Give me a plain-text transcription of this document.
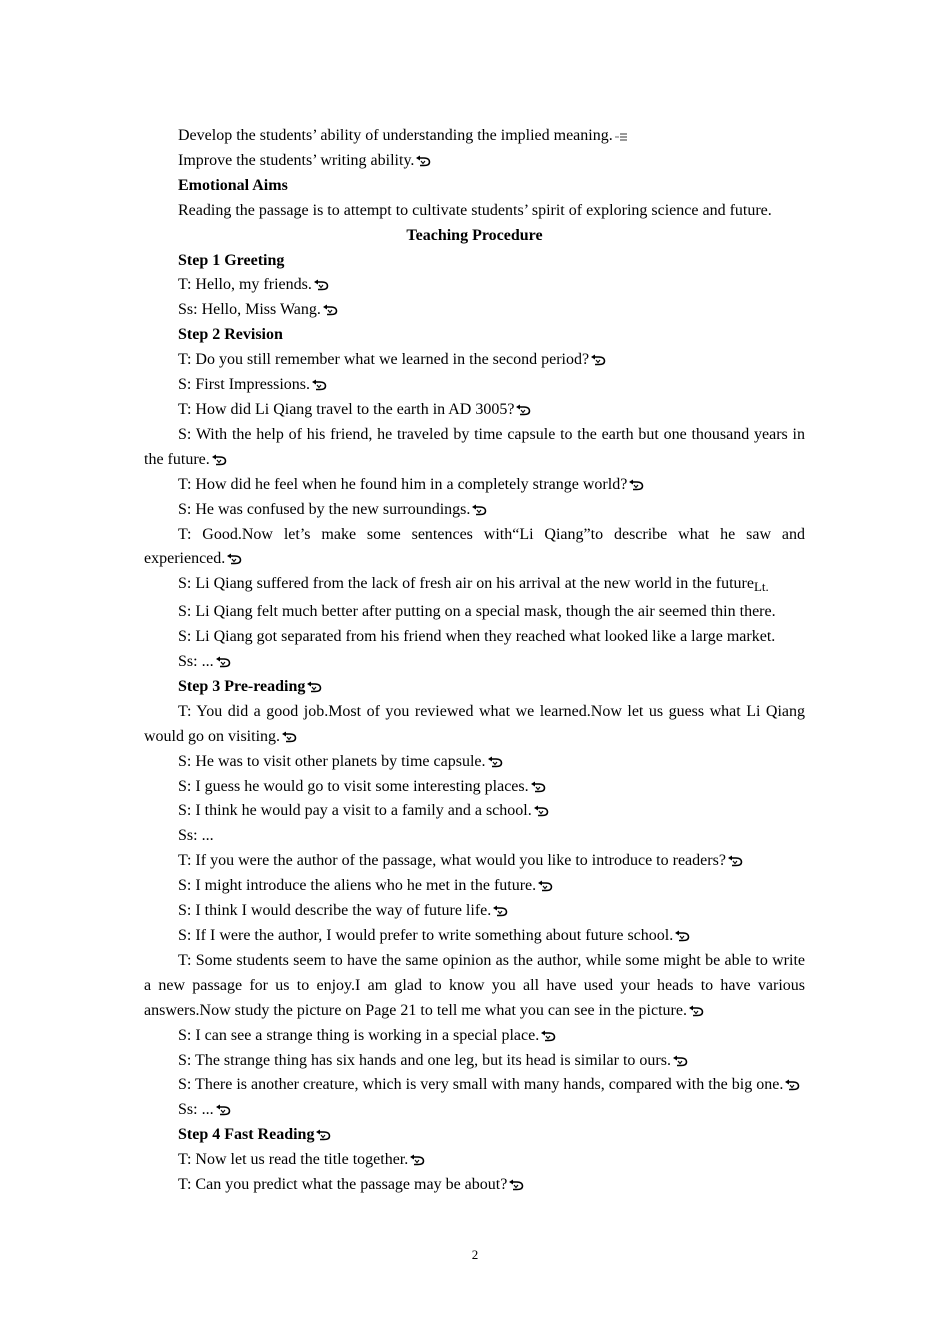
Develop the students’ ability of understanding the implied meaning.

Improve the students’ writing ability.

Emotional Aims

Reading the passage is to attempt to cultivate students’ spirit of exploring science and future.

Teaching Procedure

Step 1 Greeting

T: Hello, my friends.

Ss: Hello, Miss Wang.

Step 2 Revision

T: Do you still remember what we learned in the second period?

S: First Impressions.

T: How did Li Qiang travel to the earth in AD 3005?

S: With the help of his friend, he traveled by time capsule to the earth but one thousand years in the future.

T: How did he feel when he found him in a completely strange world?

S: He was confused by the new surroundings.

T: Good.Now let’s make some sentences with“Li Qiang”to describe what he saw and experienced.

S: Li Qiang suffered from the lack of fresh air on his arrival at the new world in the futureLt.

S: Li Qiang felt much better after putting on a special mask, though the air seemed thin there.

S: Li Qiang got separated from his friend when they reached what looked like a large market.

Ss: ...

Step 3 Pre-reading

T: You did a good job.Most of you reviewed what we learned.Now let us guess what Li Qiang would go on visiting.

S: He was to visit other planets by time capsule.

S: I guess he would go to visit some interesting places.

S: I think he would pay a visit to a family and a school.

Ss: ...

T: If you were the author of the passage, what would you like to introduce to readers?

S: I might introduce the aliens who he met in the future.

S: I think I would describe the way of future life.

S: If I were the author, I would prefer to write something about future school.

T: Some students seem to have the same opinion as the author, while some might be able to write a new passage for us to enjoy.I am glad to know you all have used your heads to have various answers.Now study the picture on Page 21 to tell me what you can see in the picture.

S: I can see a strange thing is working in a special place.

S: The strange thing has six hands and one leg, but its head is similar to ours.

S: There is another creature, which is very small with many hands, compared with the big one.

Ss: ...

Step 4 Fast Reading

T: Now let us read the title together.

T: Can you predict what the passage may be about?

2
